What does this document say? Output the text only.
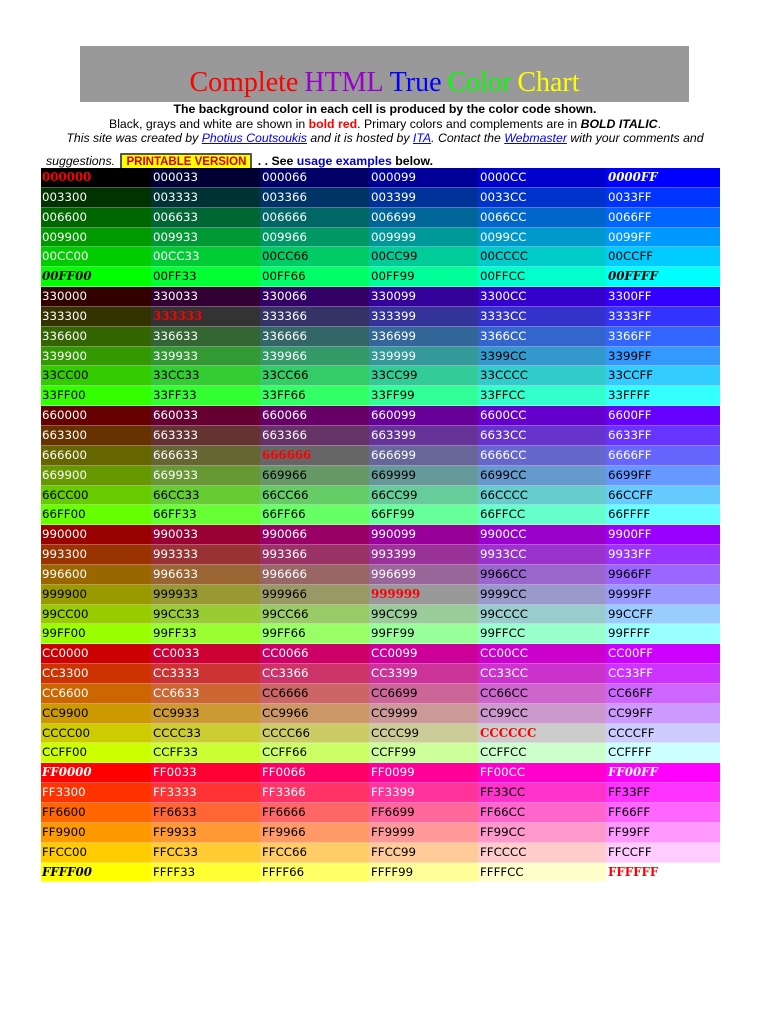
Complete HTML True Color Chart
The background color in each cell is produced by the color code shown.
Black, grays and white are shown in bold red. Primary colors and complements are in BOLD ITALIC.
This site was created by Photius Coutsoukis and it is hosted by ITA. Contact the Webmaster with your comments and
suggestions. PRINTABLE VERSION . . See usage examples below.
000000	000033	000066	000099	0000CC	0000FF
003300	003333	003366	003399	0033CC	0033FF
006600	006633	006666	006699	0066CC	0066FF
009900	009933	009966	009999	0099CC	0099FF
00CC00	00CC33	00CC66	00CC99	00CCCC	00CCFF
00FF00	00FF33	00FF66	00FF99	00FFCC	00FFFF
330000	330033	330066	330099	3300CC	3300FF
333300	333333	333366	333399	3333CC	3333FF
336600	336633	336666	336699	3366CC	3366FF
339900	339933	339966	339999	3399CC	3399FF
33CC00	33CC33	33CC66	33CC99	33CCCC	33CCFF
33FF00	33FF33	33FF66	33FF99	33FFCC	33FFFF
660000	660033	660066	660099	6600CC	6600FF
663300	663333	663366	663399	6633CC	6633FF
666600	666633	666666	666699	6666CC	6666FF
669900	669933	669966	669999	6699CC	6699FF
66CC00	66CC33	66CC66	66CC99	66CCCC	66CCFF
66FF00	66FF33	66FF66	66FF99	66FFCC	66FFFF
990000	990033	990066	990099	9900CC	9900FF
993300	993333	993366	993399	9933CC	9933FF
996600	996633	996666	996699	9966CC	9966FF
999900	999933	999966	999999	9999CC	9999FF
99CC00	99CC33	99CC66	99CC99	99CCCC	99CCFF
99FF00	99FF33	99FF66	99FF99	99FFCC	99FFFF
CC0000	CC0033	CC0066	CC0099	CC00CC	CC00FF
CC3300	CC3333	CC3366	CC3399	CC33CC	CC33FF
CC6600	CC6633	CC6666	CC6699	CC66CC	CC66FF
CC9900	CC9933	CC9966	CC9999	CC99CC	CC99FF
CCCC00	CCCC33	CCCC66	CCCC99	CCCCCC	CCCCFF
CCFF00	CCFF33	CCFF66	CCFF99	CCFFCC	CCFFFF
FF0000	FF0033	FF0066	FF0099	FF00CC	FF00FF
FF3300	FF3333	FF3366	FF3399	FF33CC	FF33FF
FF6600	FF6633	FF6666	FF6699	FF66CC	FF66FF
FF9900	FF9933	FF9966	FF9999	FF99CC	FF99FF
FFCC00	FFCC33	FFCC66	FFCC99	FFCCCC	FFCCFF
FFFF00	FFFF33	FFFF66	FFFF99	FFFFCC	FFFFFF
